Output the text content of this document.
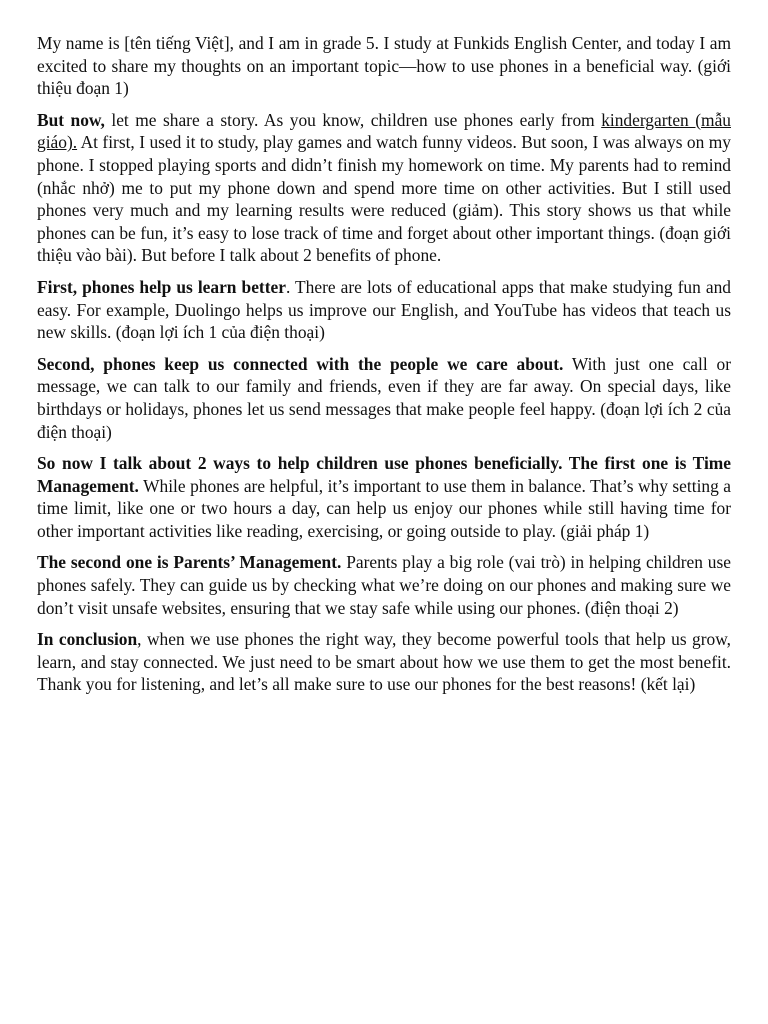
My name is [tên tiếng Việt], and I am in grade 5. I study at Funkids English Center, and today I am excited to share my thoughts on an important topic—how to use phones in a beneficial way. (giới thiệu đoạn 1)

But now, let me share a story. As you know, children use phones early from kindergarten (mẫu giáo). At first, I used it to study, play games and watch funny videos. But soon, I was always on my phone. I stopped playing sports and didn’t finish my homework on time. My parents had to remind (nhắc nhở) me to put my phone down and spend more time on other activities. But I still used phones very much and my learning results were reduced (giảm). This story shows us that while phones can be fun, it’s easy to lose track of time and forget about other important things. (đoạn giới thiệu vào bài). But before I talk about 2 benefits of phone.

First, phones help us learn better. There are lots of educational apps that make studying fun and easy. For example, Duolingo helps us improve our English, and YouTube has videos that teach us new skills. (đoạn lợi ích 1 của điện thoại)

Second, phones keep us connected with the people we care about. With just one call or message, we can talk to our family and friends, even if they are far away. On special days, like birthdays or holidays, phones let us send messages that make people feel happy. (đoạn lợi ích 2 của điện thoại)

So now I talk about 2 ways to help children use phones beneficially. The first one is Time Management. While phones are helpful, it’s important to use them in balance. That’s why setting a time limit, like one or two hours a day, can help us enjoy our phones while still having time for other important activities like reading, exercising, or going outside to play. (giải pháp 1)

The second one is Parents’ Management. Parents play a big role (vai trò) in helping children use phones safely. They can guide us by checking what we’re doing on our phones and making sure we don’t visit unsafe websites, ensuring that we stay safe while using our phones. (điện thoại 2)

In conclusion, when we use phones the right way, they become powerful tools that help us grow, learn, and stay connected. We just need to be smart about how we use them to get the most benefit. Thank you for listening, and let’s all make sure to use our phones for the best reasons! (kết lại)
